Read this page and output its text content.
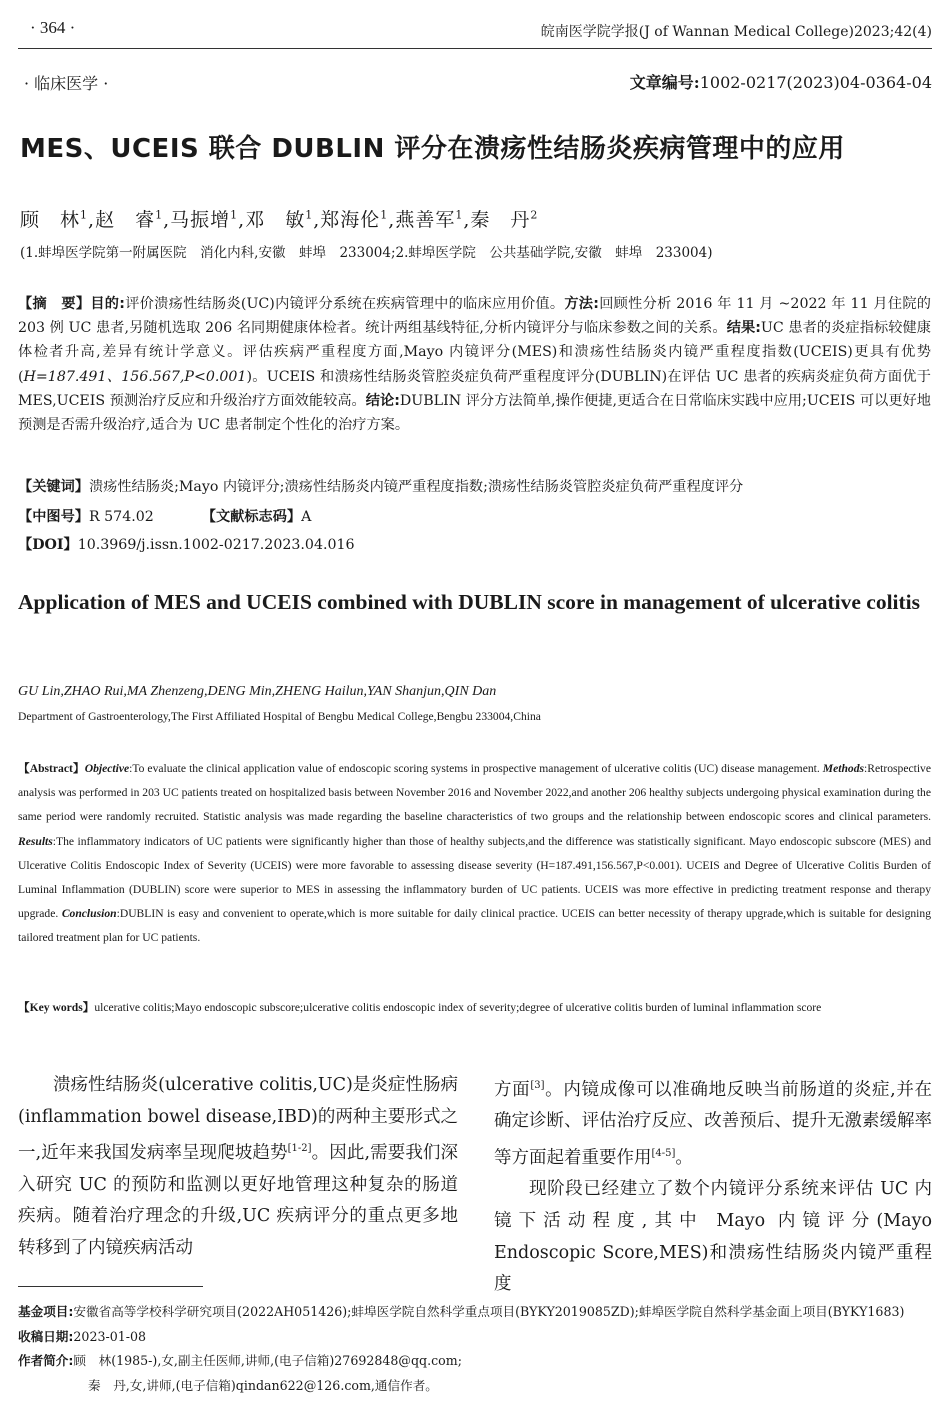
· 364 ·	皖南医学院学报(J of Wannan Medical College)2023;42(4)
· 临床医学 ·	文章编号:1002-0217(2023)04-0364-04
MES、UCEIS 联合 DUBLIN 评分在溃疡性结肠炎疾病管理中的应用
顾　林$^1$,赵　睿$^1$,马振增$^1$,邓　敏$^1$,郑海伦$^1$,燕善军$^1$,秦　丹$^2$
(1.蚌埠医学院第一附属医院　消化内科,安徽　蚌埠　233004;2.蚌埠医学院　公共基础学院,安徽　蚌埠　233004)
【摘　要】目的:评价溃疡性结肠炎(UC)内镜评分系统在疾病管理中的临床应用价值。方法:回顾性分析 2016 年 11 月 ~2022 年 11 月住院的 203 例 UC 患者,另随机选取 206 名同期健康体检者。统计两组基线特征,分析内镜评分与临床参数之间的关系。结果:UC 患者的炎症指标较健康体检者升高,差异有统计学意义。评估疾病严重程度方面,Mayo 内镜评分(MES)和溃疡性结肠炎内镜严重程度指数(UCEIS)更具有优势(H=187.491、156.567,P<0.001)。UCEIS 和溃疡性结肠炎管腔炎症负荷严重程度评分(DUBLIN)在评估 UC 患者的疾病炎症负荷方面优于 MES,UCEIS 预测治疗反应和升级治疗方面效能较高。结论:DUBLIN 评分方法简单,操作便捷,更适合在日常临床实践中应用;UCEIS 可以更好地预测是否需升级治疗,适合为 UC 患者制定个性化的治疗方案。
【关键词】溃疡性结肠炎;Mayo 内镜评分;溃疡性结肠炎内镜严重程度指数;溃疡性结肠炎管腔炎症负荷严重程度评分
【中图号】R 574.02	【文献标志码】A
【DOI】10.3969/j.issn.1002-0217.2023.04.016
Application of MES and UCEIS combined with DUBLIN score in management of ulcerative colitis
GU Lin,ZHAO Rui,MA Zhenzeng,DENG Min,ZHENG Hailun,YAN Shanjun,QIN Dan
Department of Gastroenterology,The First Affiliated Hospital of Bengbu Medical College,Bengbu 233004,China
【Abstract】Objective:To evaluate the clinical application value of endoscopic scoring systems in prospective management of ulcerative colitis (UC) disease management. Methods:Retrospective analysis was performed in 203 UC patients treated on hospitalized basis between November 2016 and November 2022,and another 206 healthy subjects undergoing physical examination during the same period were randomly recruited. Statistic analysis was made regarding the baseline characteristics of two groups and the relationship between endoscopic scores and clinical parameters. Results:The inflammatory indicators of UC patients were significantly higher than those of healthy subjects,and the difference was statistically significant. Mayo endoscopic subscore (MES) and Ulcerative Colitis Endoscopic Index of Severity (UCEIS) were more favorable to assessing disease severity (H=187.491,156.567,P<0.001). UCEIS and Degree of Ulcerative Colitis Burden of Luminal Inflammation (DUBLIN) score were superior to MES in assessing the inflammatory burden of UC patients. UCEIS was more effective in predicting treatment response and therapy upgrade. Conclusion:DUBLIN is easy and convenient to operate,which is more suitable for daily clinical practice. UCEIS can better necessity of therapy upgrade,which is suitable for designing tailored treatment plan for UC patients.
【Key words】ulcerative colitis;Mayo endoscopic subscore;ulcerative colitis endoscopic index of severity;degree of ulcerative colitis burden of luminal inflammation score

溃疡性结肠炎(ulcerative colitis,UC)是炎症性肠病(inflammation bowel disease,IBD)的两种主要形式之一,近年来我国发病率呈现爬坡趋势[1-2]。因此,需要我们深入研究 UC 的预防和监测以更好地管理这种复杂的肠道疾病。随着治疗理念的升级,UC 疾病评分的重点更多地转移到了内镜疾病活动

方面[3]。内镜成像可以准确地反映当前肠道的炎症,并在确定诊断、评估治疗反应、改善预后、提升无激素缓解率等方面起着重要作用[4-5]。

现阶段已经建立了数个内镜评分系统来评估 UC 内镜下活动程度,其中 Mayo 内镜评分(Mayo Endoscopic Score,MES)和溃疡性结肠炎内镜严重程度

基金项目: 安徽省高等学校科学研究项目(2022AH051426);蚌埠医学院自然科学重点项目(BYKY2019085ZD);蚌埠医学院自然科学基金面上项目(BYKY1683)
收稿日期: 2023-01-08
作者简介: 顾　林(1985-),女,副主任医师,讲师,(电子信箱)27692848@qq.com;
秦　丹,女,讲师,(电子信箱)qindan622@126.com,通信作者。
